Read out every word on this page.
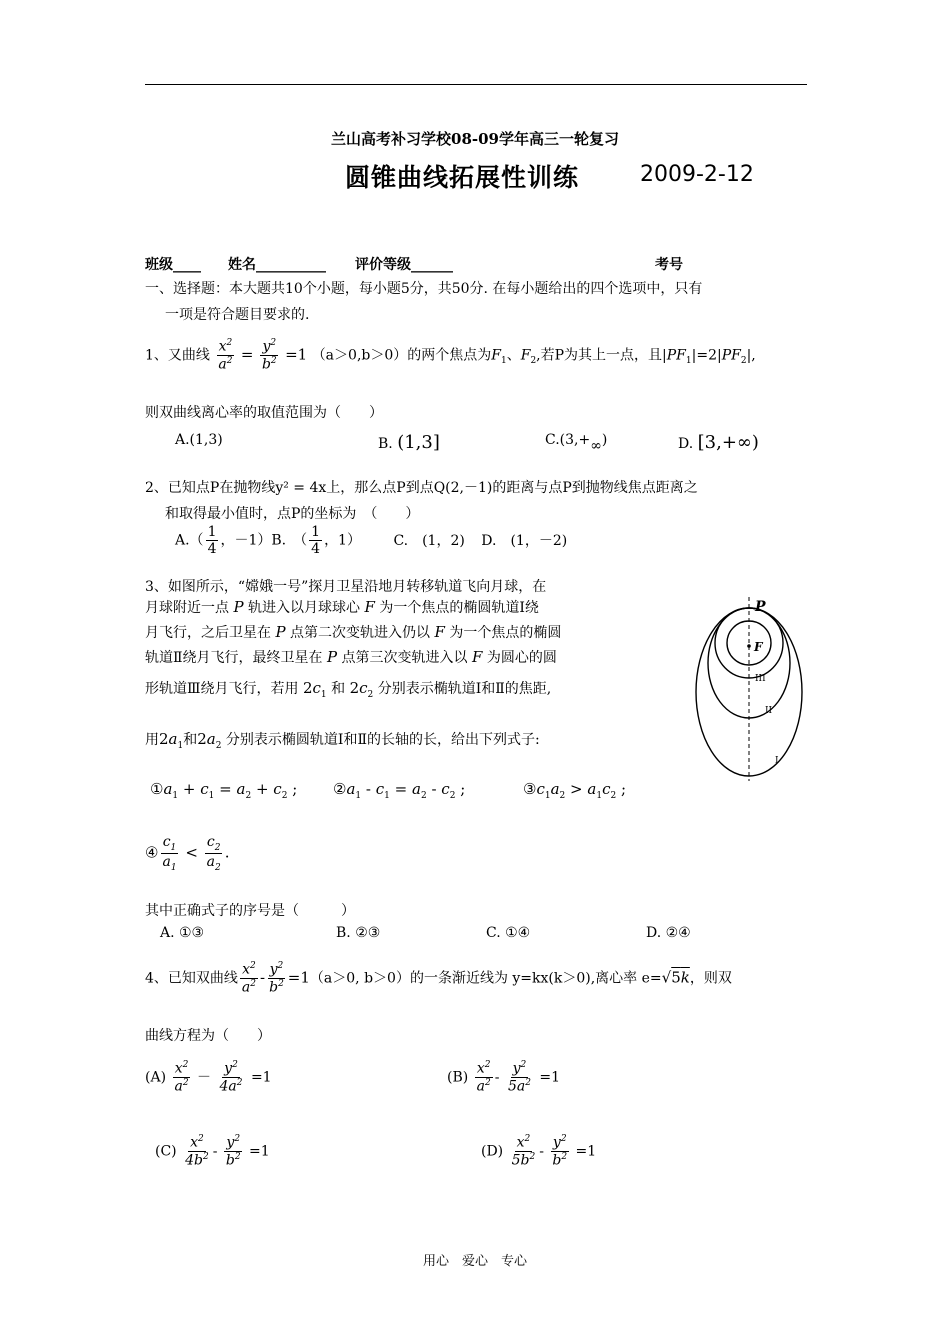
兰山高考补习学校08-09学年高三一轮复习
圆锥曲线拓展性训练	2009-2-12
班级____ 姓名__________ 评价等级______	考号
一、选择题：本大题共10个小题，每小题5分，共50分. 在每小题给出的四个选项中，只有
一项是符合题目要求的.
1、又曲线 $\frac{x^2}{a^2} = \frac{y^2}{b^2} =1$ （a＞0,b＞0）的两个焦点为$F_1$、$F_2$,若P为其上一点，且$|PF_1|=2|PF_2|$,
则双曲线离心率的取值范围为（　　）
A.(1,3)	B. (1,3]	C.(3,+∞)	D. [3,+∞)
2、已知点P在抛物线y² = 4x上，那么点P到点Q(2,－1)的距离与点P到抛物线焦点距离之
和取得最小值时，点P的坐标为　（　　）
$A.( \frac{1}{4}$ ，－1）B.　（ $\frac{1}{4}$ ，1） C.　(1，2) D.　(1，－2)
3、如图所示，“嫦娥一号”探月卫星沿地月转移轨道飞向月球，在
月球附近一点 P 轨进入以月球球心 F 为一个焦点的椭圆轨道Ⅰ绕
月飞行，之后卫星在 P 点第二次变轨进入仍以 F 为一个焦点的椭圆
轨道Ⅱ绕月飞行，最终卫星在 P 点第三次变轨进入以 F 为圆心的圆
形轨道Ⅲ绕月飞行，若用 $2c_1$ 和 $2c_2$ 分别表示椭轨道Ⅰ和Ⅱ的焦距,
用$2a_1$和$2a_2$ 分别表示椭圆轨道Ⅰ和Ⅱ的长轴的长，给出下列式子:
$①a_1 + c_1 = a_2 + c_2$ ; $②a_1 - c_1 = a_2 - c_2$ ;	$③c_1a_2 > a_1c_2$ ;
④ $\frac{c_1}{a_1} < \frac{c_2}{a_2}$ .
其中正确式子的序号是（　　　）
A. ①③	B. ②③	C. ①④	D. ②④
P
F
III
II
I
4、已知双曲线 $\frac{x^2}{a^2} - \frac{y^2}{b^2} =1(a>0$, b＞0）的一条渐近线为 y=kx(k＞0),离心率 e=√5k，则双
曲线方程为（　　）
$(A) \frac{x^2}{a^2} - \frac{y^2}{4a^2} =1$	$(B) \frac{x^2}{a^2} - \frac{y^2}{5a^2} =1$
$(C) \frac{x^2}{4b^2} - \frac{y^2}{b^2} =1$	$(D) \frac{x^2}{5b^2} - \frac{y^2}{b^2} =1$
用心　爱心　专心
